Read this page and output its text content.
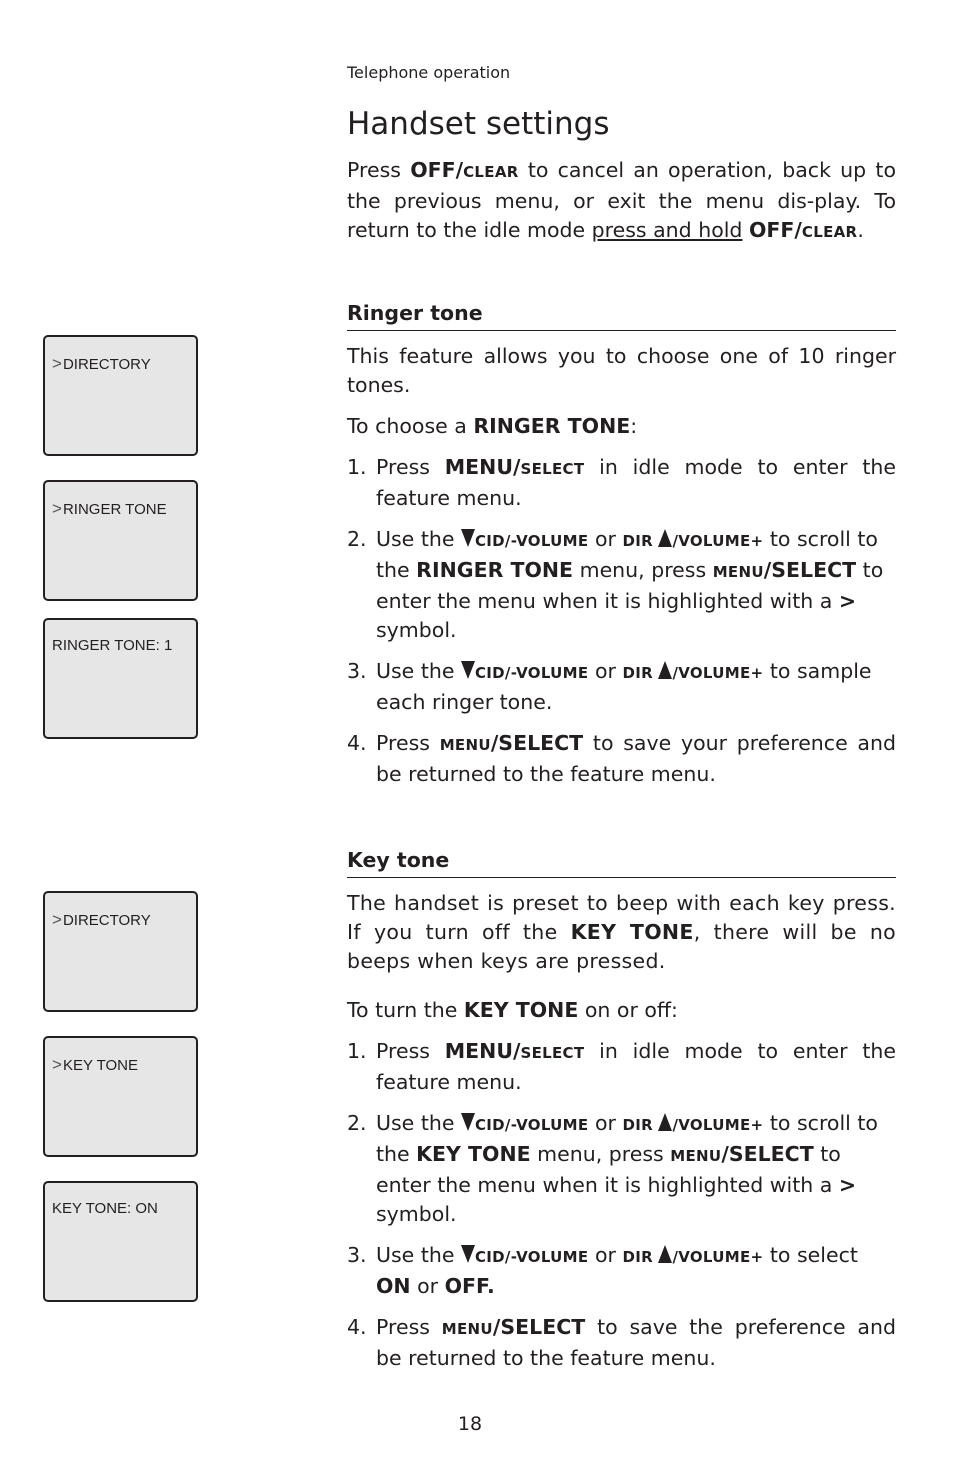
Telephone operation
Handset settings
Press OFF/CLEAR to cancel an operation, back up to the previous menu, or exit the menu dis-play. To return to the idle mode press and hold OFF/CLEAR.
Ringer tone
This feature allows you to choose one of 10 ringer tones.
To choose a RINGER TONE:
1. Press MENU/SELECT in idle mode to enter the feature menu.
2. Use the CID/-VOLUME or DIR /VOLUME+ to scroll to the RINGER TONE menu, press MENU/SELECT to enter the menu when it is highlighted with a > symbol.
3. Use the CID/-VOLUME or DIR /VOLUME+ to sample each ringer tone.
4. Press MENU/SELECT to save your preference and be returned to the feature menu.
>DIRECTORY
>RINGER TONE
RINGER TONE: 1
Key tone
The handset is preset to beep with each key press. If you turn off the KEY TONE, there will be no beeps when keys are pressed.
To turn the KEY TONE on or off:
1. Press MENU/SELECT in idle mode to enter the feature menu.
2. Use the CID/-VOLUME or DIR /VOLUME+ to scroll to the KEY TONE menu, press MENU/SELECT to enter the menu when it is highlighted with a > symbol.
3. Use the CID/-VOLUME or DIR /VOLUME+ to select ON or OFF.
4. Press MENU/SELECT to save the preference and be returned to the feature menu.
>DIRECTORY
>KEY TONE
KEY TONE: ON
18
